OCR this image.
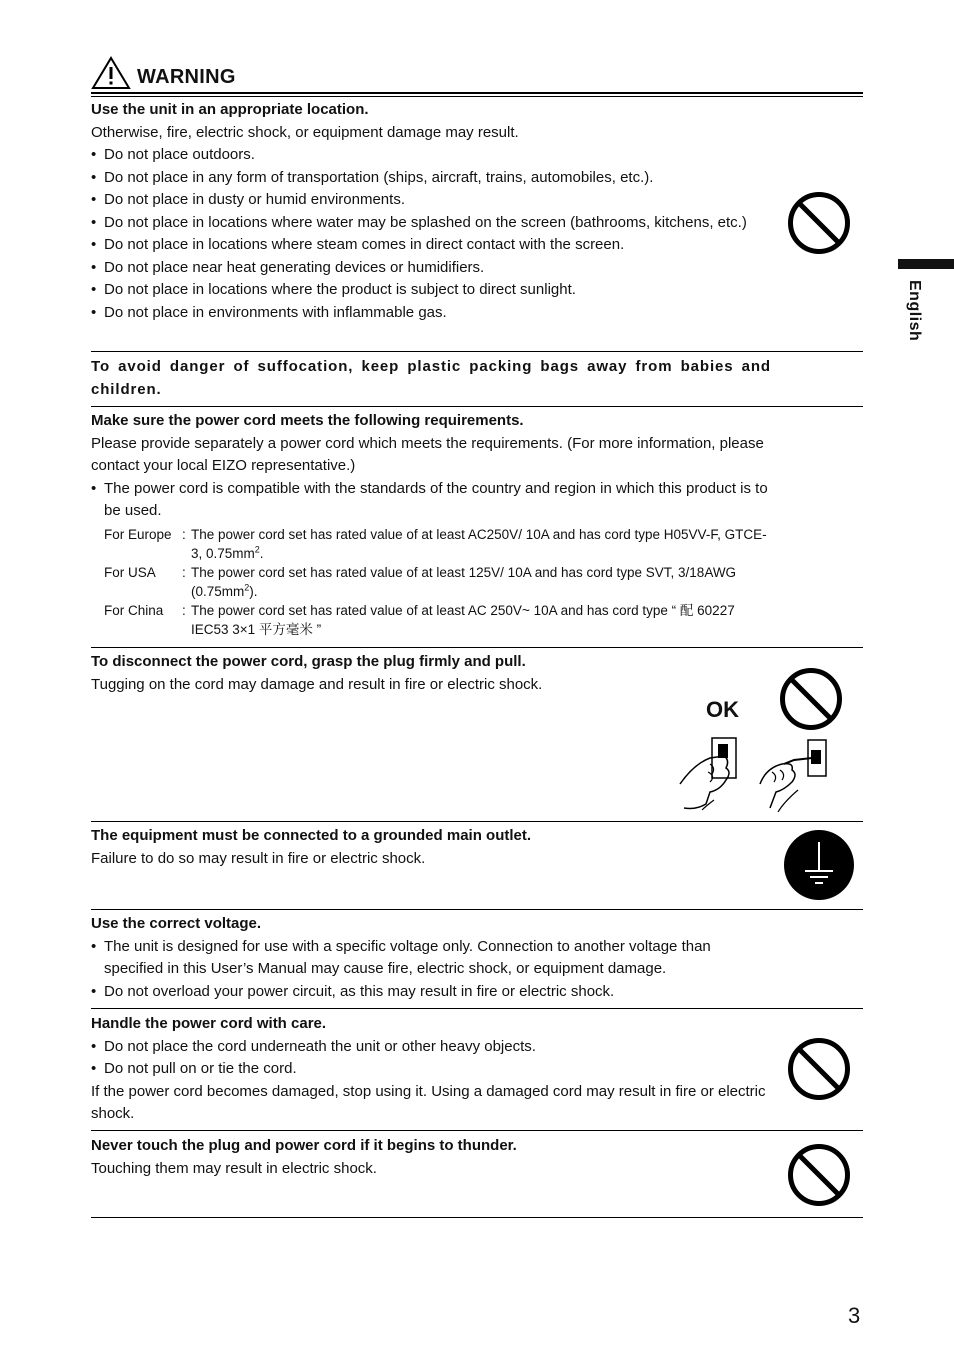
WARNING
English
Use the unit in an appropriate location.
Otherwise, fire, electric shock, or equipment damage may result.
• Do not place outdoors.
• Do not place in any form of transportation (ships, aircraft, trains, automobiles, etc.).
• Do not place in dusty or humid environments.
• Do not place in locations where water may be splashed on the screen (bathrooms, kitchens, etc.)
• Do not place in locations where steam comes in direct contact with the screen.
• Do not place near heat generating devices or humidifiers.
• Do not place in locations where the product is subject to direct sunlight.
• Do not place in environments with inflammable gas.
To avoid danger of suffocation, keep plastic packing bags away from babies and children.
Make sure the power cord meets the following requirements.
Please provide separately a power cord which meets the requirements. (For more information, please contact your local EIZO representative.)
• The power cord is compatible with the standards of the country and region in which this product is to be used.
For Europe : The power cord set has rated value of at least AC250V/ 10A and has cord type H05VV-F, GTCE-3, $0.75mm^2$.
For USA	: The power cord set has rated value of at least 125V/ 10A and has cord type SVT, 3/18AWG $(0.75mm^2)$.
For China	: The power cord set has rated value of at least AC 250V~ 10A and has cord type “ 配 60227 IEC53 3×1 平方毫米 ”
To disconnect the power cord, grasp the plug firmly and pull.
Tugging on the cord may damage and result in fire or electric shock.
OK
The equipment must be connected to a grounded main outlet.
Failure to do so may result in fire or electric shock.
Use the correct voltage.
• The unit is designed for use with a specific voltage only. Connection to another voltage than specified in this User’s Manual may cause fire, electric shock, or equipment damage.
• Do not overload your power circuit, as this may result in fire or electric shock.
Handle the power cord with care.
• Do not place the cord underneath the unit or other heavy objects.
• Do not pull on or tie the cord.
If the power cord becomes damaged, stop using it. Using a damaged cord may result in fire or electric shock.
Never touch the plug and power cord if it begins to thunder.
Touching them may result in electric shock.
3
